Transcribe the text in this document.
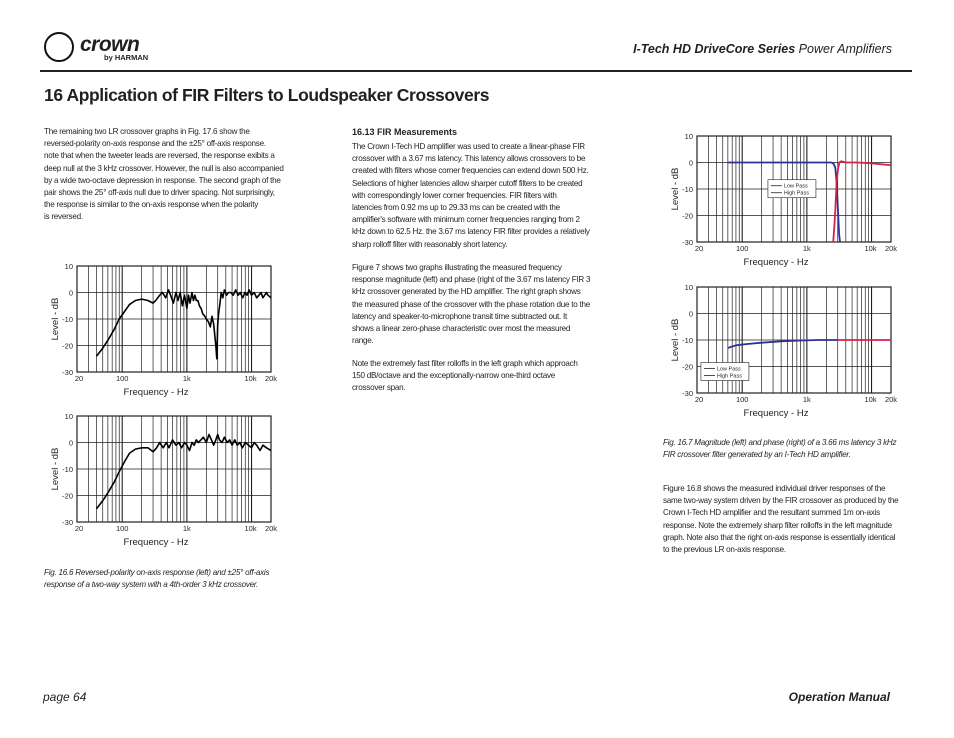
crown
by HARMAN
I-Tech HD DriveCore Series Power Amplifiers
16 Application of FIR Filters to Loudspeaker Crossovers

The remaining two LR crossover graphs in Fig. 17.6 show the
reversed-polarity on-axis response and the ±25° off-axis response.
note that when the tweeter leads are reversed, the response exibits a
deep null at the 3 kHz crossover. However, the null is also accompanied
by a wide two-octave depression in response. The second graph of the
pair shows the 25° off-axis null due to driver spacing. Not surprisingly,
the response is similar to the on-axis response when the polarity
is reversed.

10
0
-10
-20
-30
20	100	1k	10k 20k
Frequency - Hz
Level - dB
10
0
-10
-20
-30
20	100	1k	10k 20k
Frequency - Hz
Level - dB

Fig. 16.6 Reversed-polarity on-axis response (left) and ±25° off-axis
response of a two-way system with a 4th-order 3 kHz crossover.

16.13 FIR Measurements

The Crown I-Tech HD amplifier was used to create a linear-phase FIR
crossover with a 3.67 ms latency. This latency allows crossovers to be
created with filters whose corner frequencies can extend down 500 Hz.
Selections of higher latencies allow sharper cutoff filters to be created
with correspondingly lower corner frequencies. FIR filters with
latencies from 0.92 ms up to 29.33 ms can be created with the
amplifier's software with minimum corner frequencies ranging from 2
kHz down to 62.5 Hz. the 3.67 ms latency FIR filter provides a relatively
sharp rolloff filter with reasonably short latency.

Figure 7 shows two graphs illustrating the measured frequency
response magnitude (left) and phase (right of the 3.67 ms latency FIR 3
kHz crossover generated by the HD amplifier. The right graph shows
the measured phase of the crossover with the phase rotation due to the
latency and speaker-to-microphone transit time subtracted out. It
shows a linear zero-phase characteristic over most the measured
range.

Note the extremely fast filter rolloffs in the left graph which approach
150 dB/octave and the exceptionally-narrow one-third octave
crossover span.

10
0
-10
-20
-30
20	100	1k	10k 20k
Frequency - Hz
Level - dB	Low Pass
High Pass
10
0
-10
-20
-30
20	100	1k	10k 20k
Frequency - Hz
Level - dB
Low Pass
High Pass

Fig. 16.7 Magnitude (left) and phase (right) of a 3.66 ms latency 3 kHz
FIR crossover filter generated by an I-Tech HD amplifier.

Figure 16.8 shows the measured individual driver responses of the
same two-way system driven by the FIR crossover as produced by the
Crown I-Tech HD amplifier and the resultant summed 1m on-axis
response. Note the extremely sharp filter rolloffs in the left magnitude
graph. Note also that the right on-axis response is essentially identical
to the previous LR on-axis response.

page 64	Operation Manual
